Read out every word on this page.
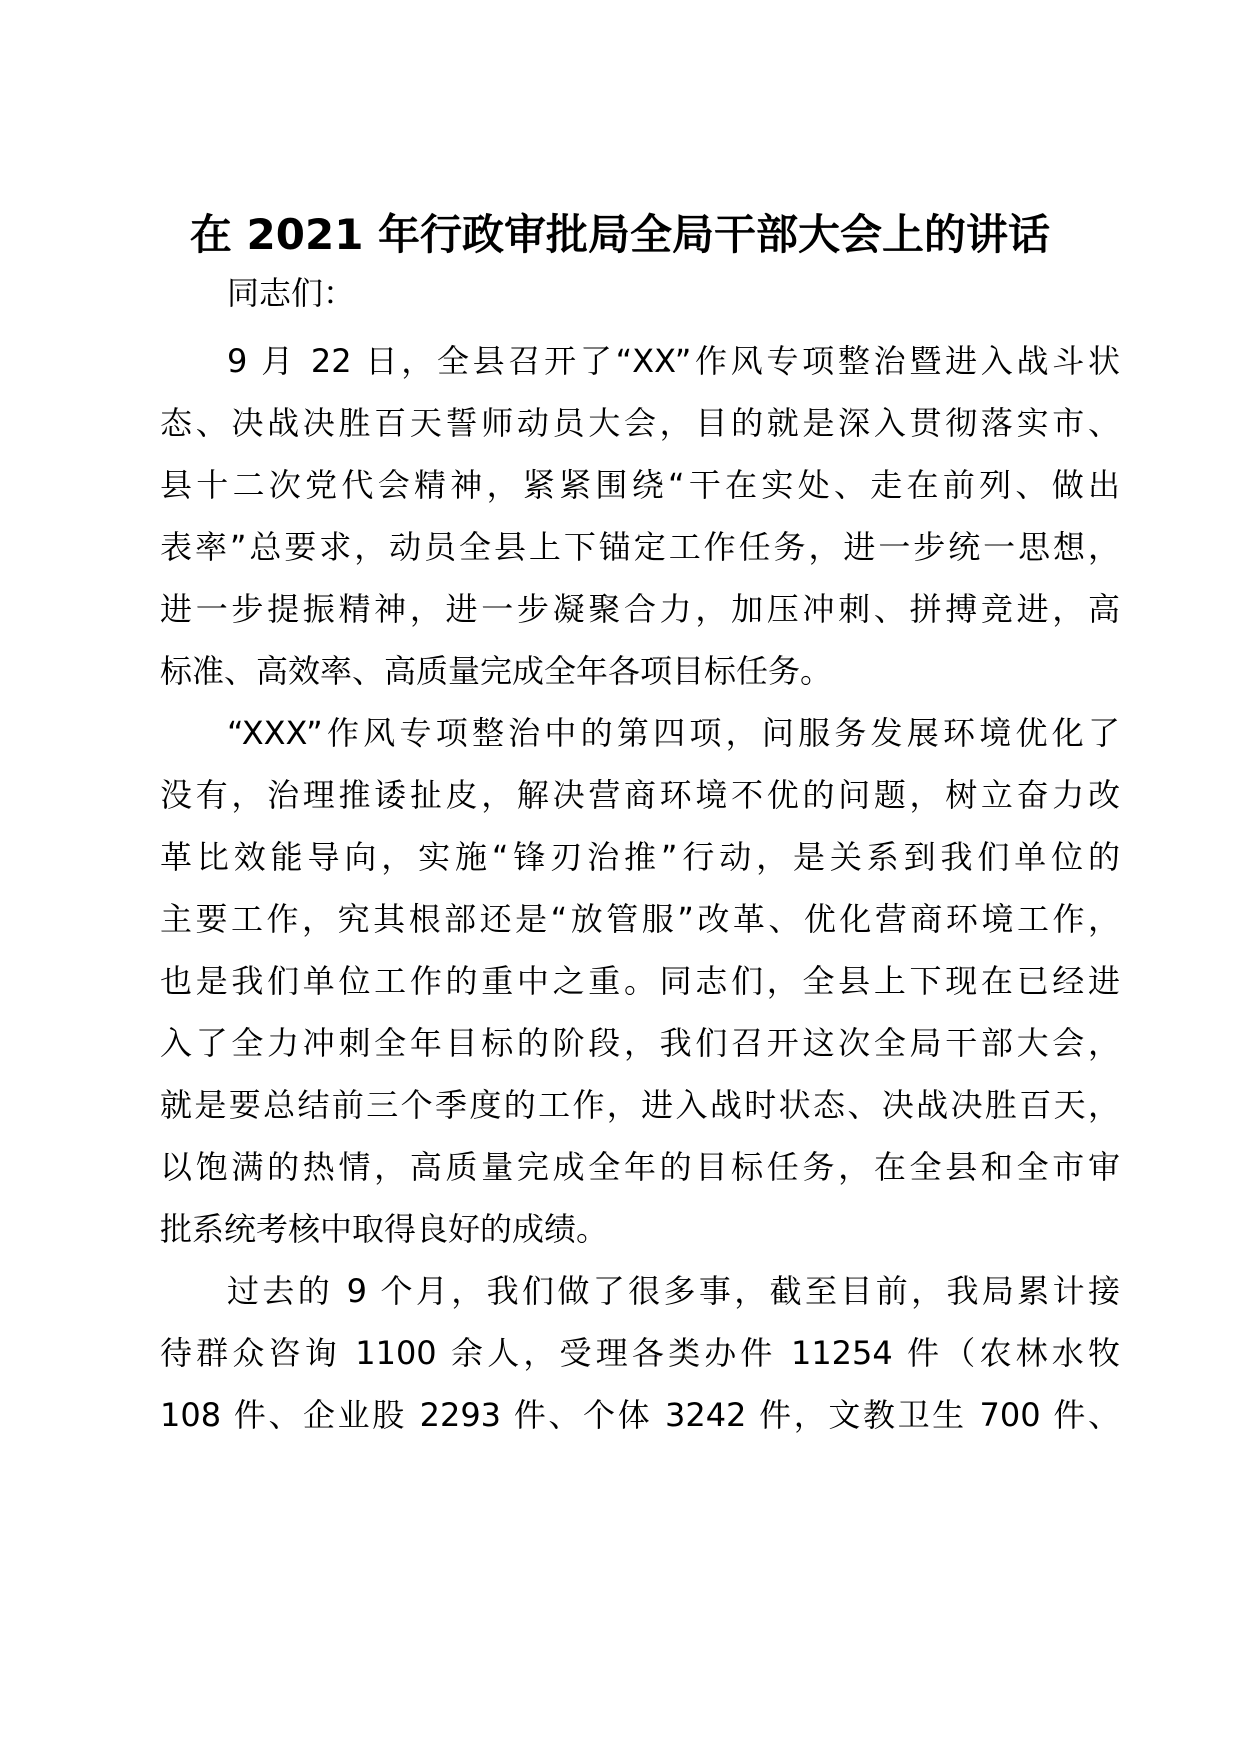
在 2021 年行政审批局全局干部大会上的讲话

同志们：

9 月 22 日，全县召开了“XX”作风专项整治暨进入战斗状

态、决战决胜百天誓师动员大会，目的就是深入贯彻落实市、

县十二次党代会精神，紧紧围绕“干在实处、走在前列、做出

表率”总要求，动员全县上下锚定工作任务，进一步统一思想，

进一步提振精神，进一步凝聚合力，加压冲刺、拼搏竞进，高

标准、高效率、高质量完成全年各项目标任务。

“XXX”作风专项整治中的第四项，问服务发展环境优化了

没有，治理推诿扯皮，解决营商环境不优的问题，树立奋力改

革比效能导向，实施“锋刃治推”行动，是关系到我们单位的

主要工作，究其根部还是“放管服”改革、优化营商环境工作，

也是我们单位工作的重中之重。同志们，全县上下现在已经进

入了全力冲刺全年目标的阶段，我们召开这次全局干部大会，

就是要总结前三个季度的工作，进入战时状态、决战决胜百天，

以饱满的热情，高质量完成全年的目标任务，在全县和全市审

批系统考核中取得良好的成绩。

过去的 9 个月，我们做了很多事，截至目前，我局累计接

待群众咨询 1100 余人，受理各类办件 11254 件（农林水牧

108 件、企业股 2293 件、个体 3242 件，文教卫生 700 件、
